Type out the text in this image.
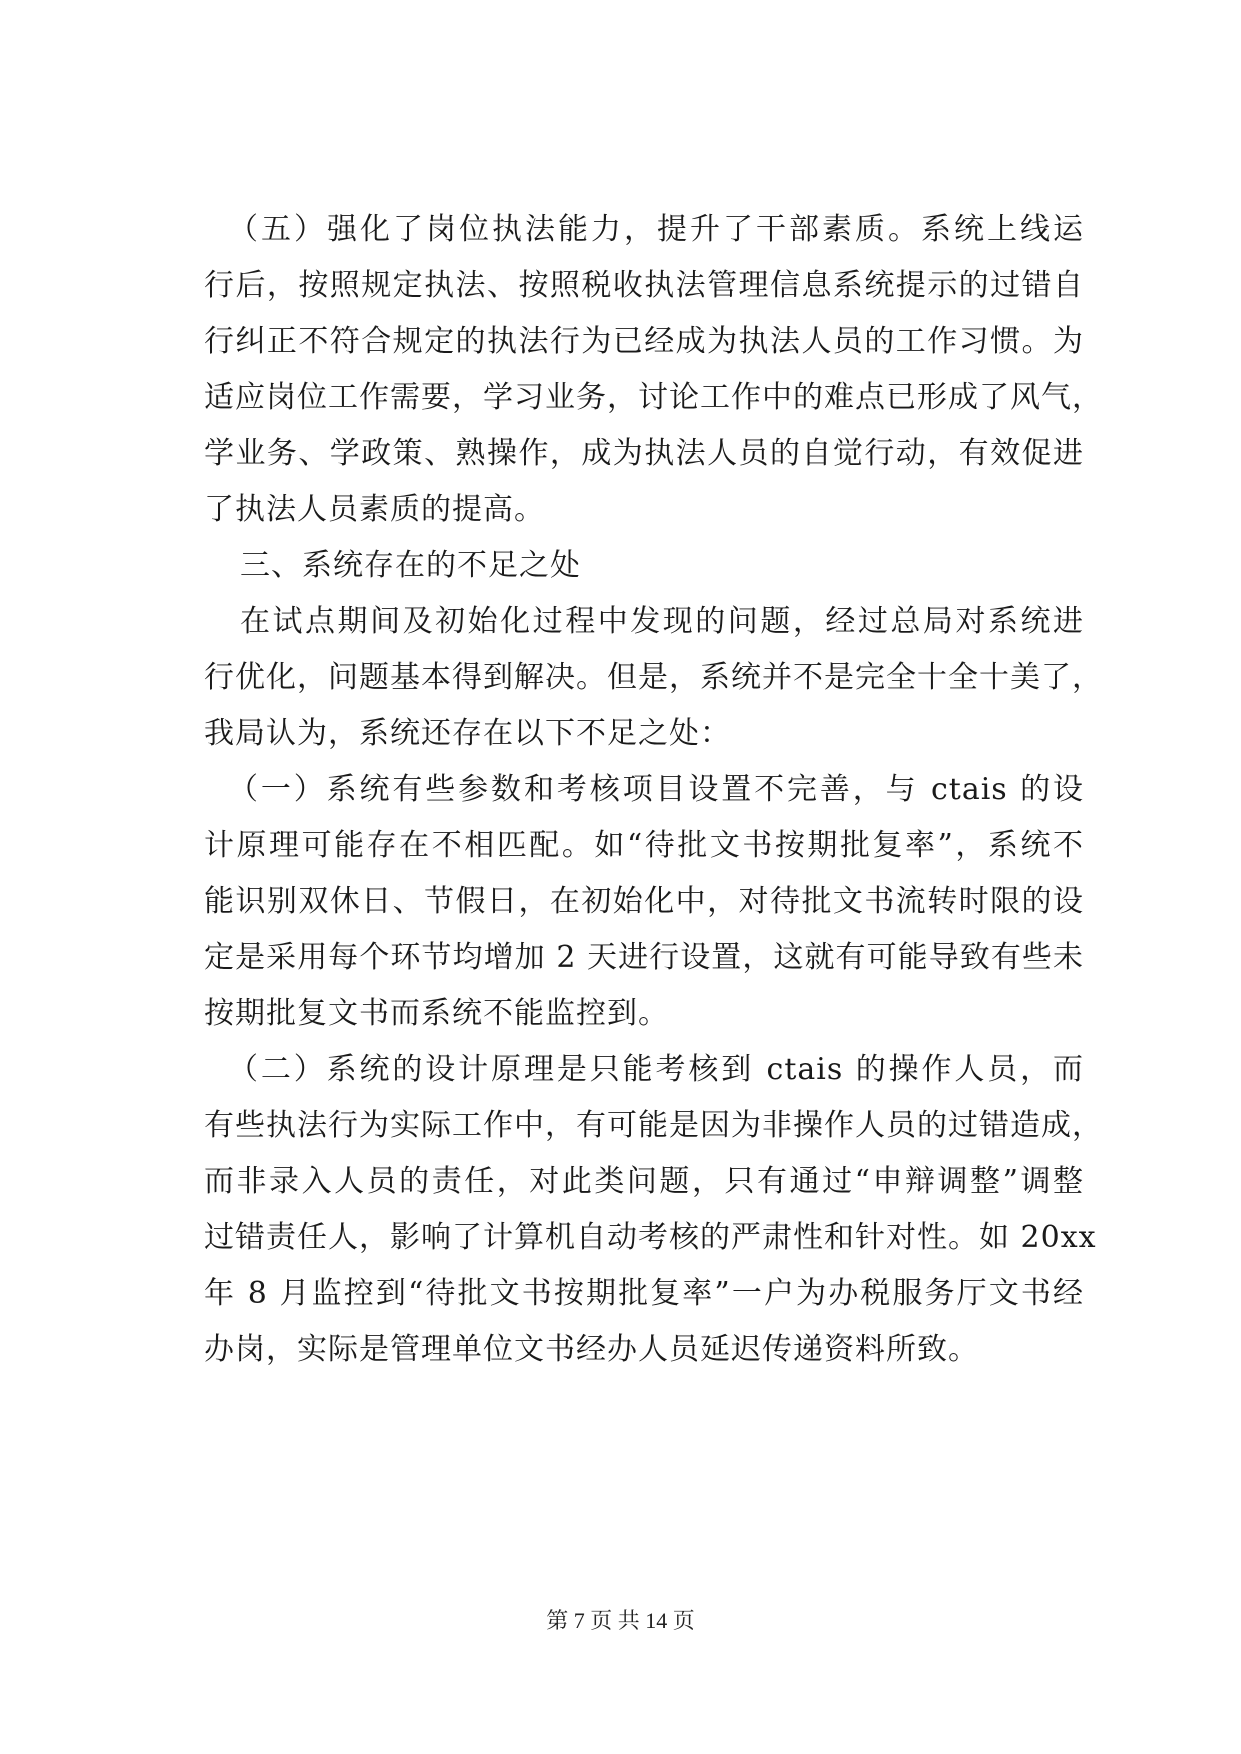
（五）强化了岗位执法能力，提升了干部素质。系统上线运
行后，按照规定执法、按照税收执法管理信息系统提示的过错自
行纠正不符合规定的执法行为已经成为执法人员的工作习惯。为
适应岗位工作需要，学习业务，讨论工作中的难点已形成了风气，
学业务、学政策、熟操作，成为执法人员的自觉行动，有效促进
了执法人员素质的提高。
三、系统存在的不足之处
在试点期间及初始化过程中发现的问题，经过总局对系统进
行优化，问题基本得到解决。但是，系统并不是完全十全十美了，
我局认为，系统还存在以下不足之处：
（一）系统有些参数和考核项目设置不完善，与 ctais 的设
计原理可能存在不相匹配。如“待批文书按期批复率”，系统不
能识别双休日、节假日，在初始化中，对待批文书流转时限的设
定是采用每个环节均增加 2 天进行设置，这就有可能导致有些未
按期批复文书而系统不能监控到。
（二）系统的设计原理是只能考核到 ctais 的操作人员，而
有些执法行为实际工作中，有可能是因为非操作人员的过错造成，
而非录入人员的责任，对此类问题，只有通过“申辩调整”调整
过错责任人，影响了计算机自动考核的严肃性和针对性。如 20xx
年 8 月监控到“待批文书按期批复率”一户为办税服务厅文书经
办岗，实际是管理单位文书经办人员延迟传递资料所致。
第 7 页 共 14 页
